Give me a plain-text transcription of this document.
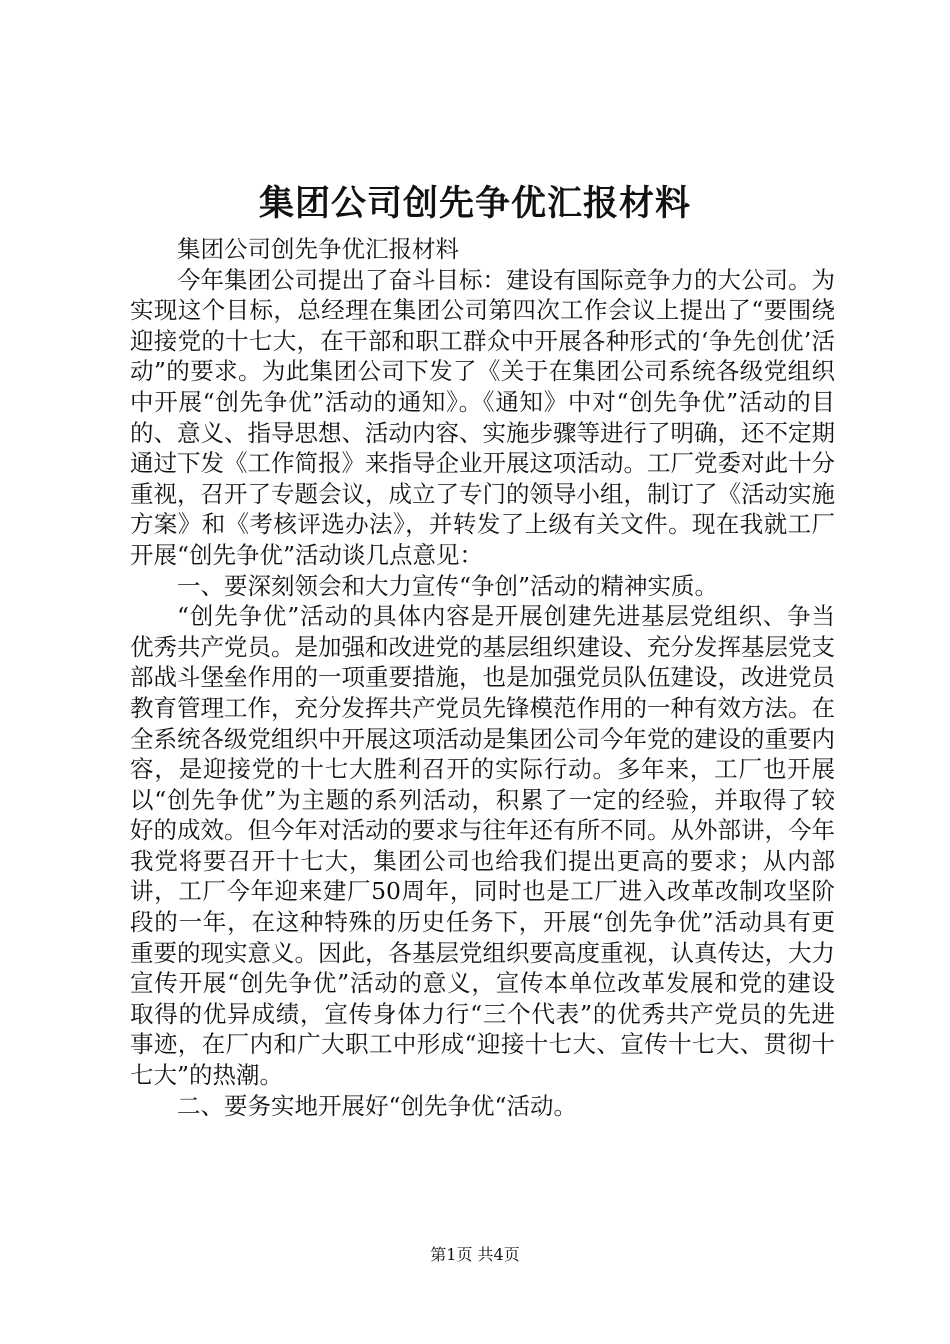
集团公司创先争优汇报材料

集团公司创先争优汇报材料

今年集团公司提出了奋斗目标：建设有国际竞争力的大公司。为实现这个目标，总经理在集团公司第四次工作会议上提出了“要围绕迎接党的十七大，在干部和职工群众中开展各种形式的‘争先创优’活动”的要求。为此集团公司下发了《关于在集团公司系统各级党组织中开展“创先争优”活动的通知》。《通知》中对“创先争优”活动的目的、意义、指导思想、活动内容、实施步骤等进行了明确，还不定期通过下发《工作简报》来指导企业开展这项活动。工厂党委对此十分重视，召开了专题会议，成立了专门的领导小组，制订了《活动实施方案》和《考核评选办法》，并转发了上级有关文件。现在我就工厂开展“创先争优”活动谈几点意见：

一、要深刻领会和大力宣传“争创”活动的精神实质。

“创先争优”活动的具体内容是开展创建先进基层党组织、争当优秀共产党员。是加强和改进党的基层组织建设、充分发挥基层党支部战斗堡垒作用的一项重要措施，也是加强党员队伍建设，改进党员教育管理工作，充分发挥共产党员先锋模范作用的一种有效方法。在全系统各级党组织中开展这项活动是集团公司今年党的建设的重要内容，是迎接党的十七大胜利召开的实际行动。多年来，工厂也开展以“创先争优”为主题的系列活动，积累了一定的经验，并取得了较好的成效。但今年对活动的要求与往年还有所不同。从外部讲，今年我党将要召开十七大，集团公司也给我们提出更高的要求；从内部讲，工厂今年迎来建厂50周年，同时也是工厂进入改革改制攻坚阶段的一年，在这种特殊的历史任务下，开展“创先争优”活动具有更重要的现实意义。因此，各基层党组织要高度重视，认真传达，大力宣传开展“创先争优”活动的意义，宣传本单位改革发展和党的建设取得的优异成绩，宣传身体力行“三个代表”的优秀共产党员的先进事迹，在厂内和广大职工中形成“迎接十七大、宣传十七大、贯彻十七大”的热潮。

二、要务实地开展好“创先争优“活动。

第1页 共4页
